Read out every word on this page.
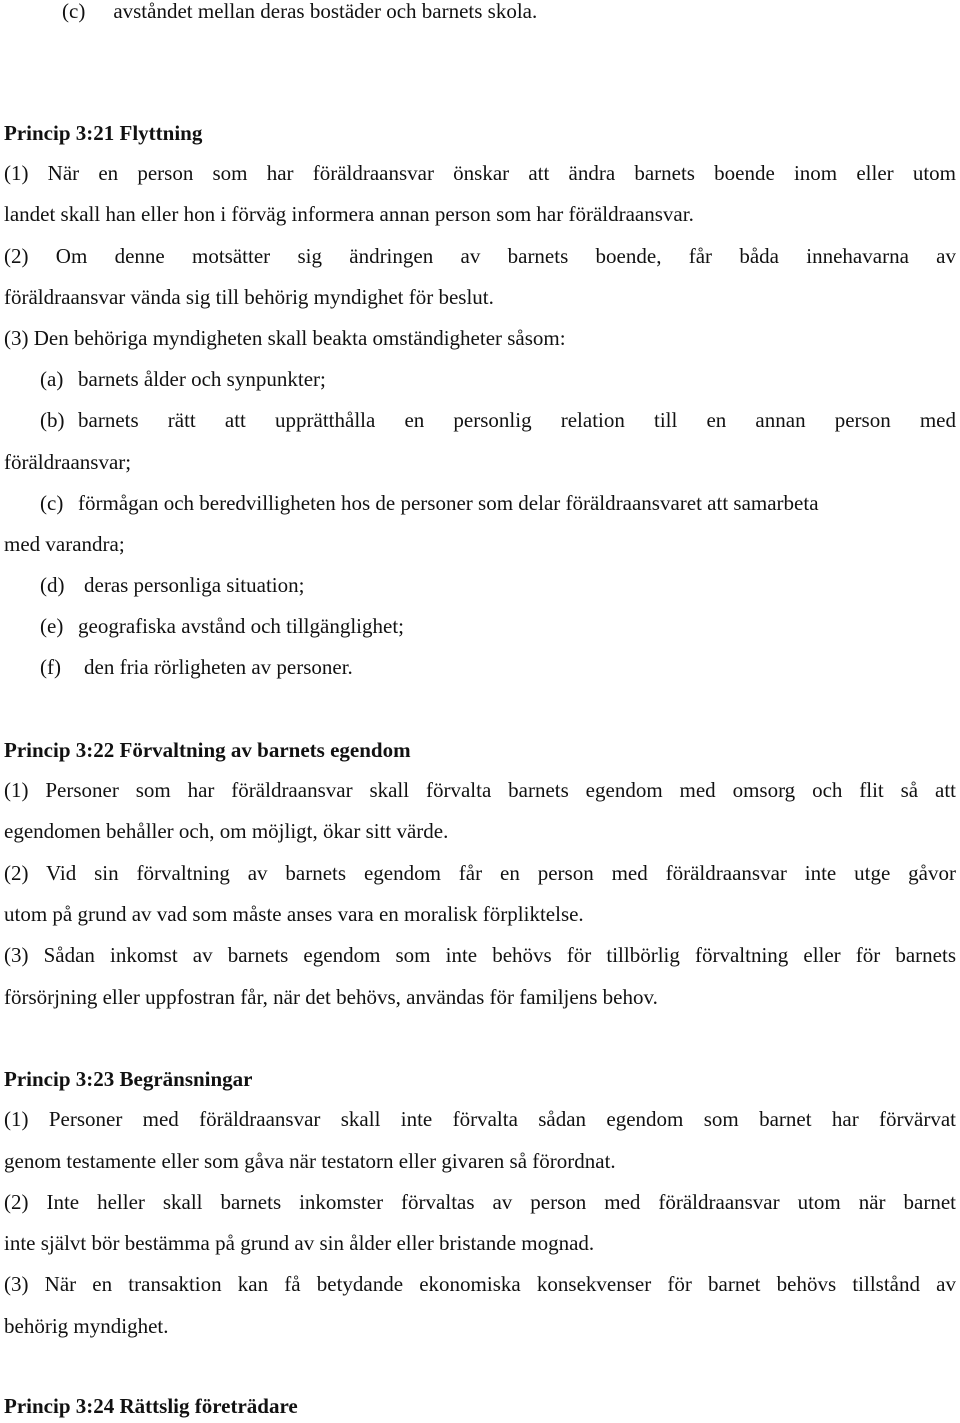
(c) avståndet mellan deras bostäder och barnets skola.
Princip 3:21 Flyttning
(1) När en person som har föräldraansvar önskar att ändra barnets boende inom eller utom
landet skall han eller hon i förväg informera annan person som har föräldraansvar.
(2) Om denne motsätter sig ändringen av barnets boende, får båda innehavarna av
föräldraansvar vända sig till behörig myndighet för beslut.
(3) Den behöriga myndigheten skall beakta omständigheter såsom:
(a) barnets ålder och synpunkter;
(b) barnets rätt att upprätthålla en personlig relation till en annan person med
föräldraansvar;
(c) förmågan och beredvilligheten hos de personer som delar föräldraansvaret att samarbeta
med varandra;
(d) deras personliga situation;
(e) geografiska avstånd och tillgänglighet;
(f) den fria rörligheten av personer.
Princip 3:22 Förvaltning av barnets egendom
(1) Personer som har föräldraansvar skall förvalta barnets egendom med omsorg och flit så att
egendomen behåller och, om möjligt, ökar sitt värde.
(2) Vid sin förvaltning av barnets egendom får en person med föräldraansvar inte utge gåvor
utom på grund av vad som måste anses vara en moralisk förpliktelse.
(3) Sådan inkomst av barnets egendom som inte behövs för tillbörlig förvaltning eller för barnets
försörjning eller uppfostran får, när det behövs, användas för familjens behov.
Princip 3:23 Begränsningar
(1) Personer med föräldraansvar skall inte förvalta sådan egendom som barnet har förvärvat
genom testamente eller som gåva när testatorn eller givaren så förordnat.
(2) Inte heller skall barnets inkomster förvaltas av person med föräldraansvar utom när barnet
inte självt bör bestämma på grund av sin ålder eller bristande mognad.
(3) När en transaktion kan få betydande ekonomiska konsekvenser för barnet behövs tillstånd av
behörig myndighet.
Princip 3:24 Rättslig företrädare
